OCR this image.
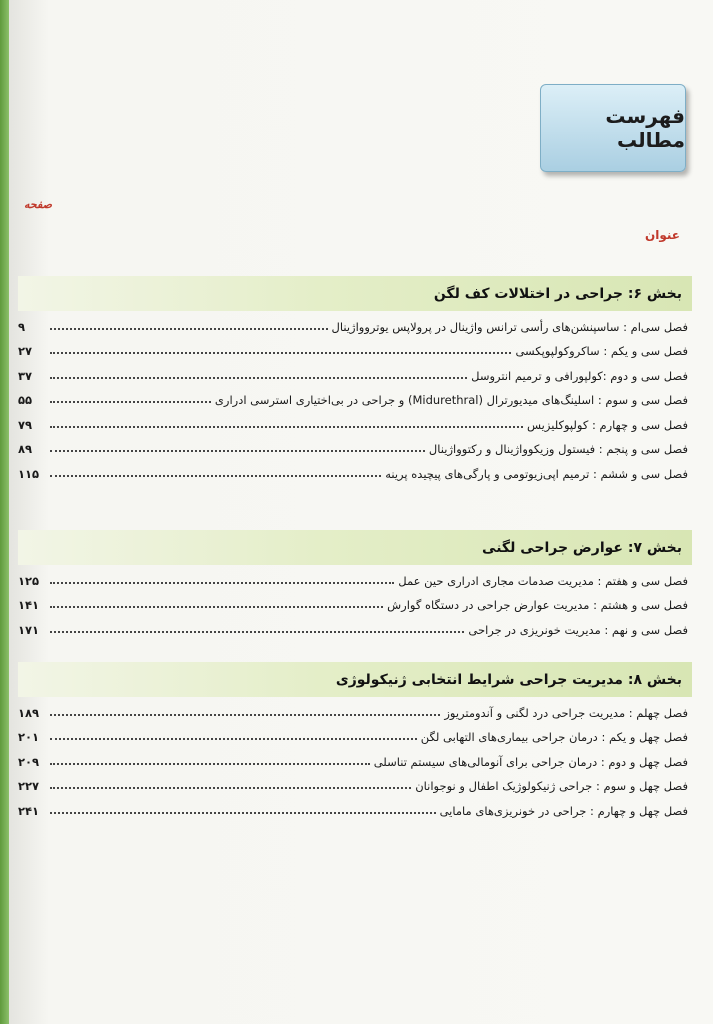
فهرست مطالب
صفحه
عنوان
بخش ۶: جراحی در اختلالات کف لگن
فصل سی‌ام : ساسپنشن‌های رأسی ترانس واژینال در پرولاپس یوترو‌واژینال
۹
فصل سی و یکم : ساکروکولپوپکسی
۲۷
فصل سی و دوم :کولپورافی و ترمیم انتروسل
۳۷
فصل سی و سوم : اسلینگ‌های میدیورترال (Midurethral) و جراحی در بی‌اختیاری استرسی ادراری
۵۵
فصل سی و چهارم : کولپوکلیزیس
۷۹
فصل سی و پنجم : فیستول وزیکوواژینال و رکتوواژینال
۸۹
فصل سی و ششم : ترمیم اپی‌زیوتومی و پارگی‌های پیچیده پرینه
۱۱۵
بخش ۷: عوارض جراحی لگنی
فصل سی و هفتم : مدیریت صدمات مجاری ادراری حین عمل
۱۲۵
فصل سی و هشتم : مدیریت عوارض جراحی در دستگاه گوارش
۱۴۱
فصل سی و نهم : مدیریت خونریزی در جراحی
۱۷۱
بخش ۸: مدیریت جراحی شرایط انتخابی ژنیکولوژی
فصل چهلم : مدیریت جراحی درد لگنی و آندومتریوز
۱۸۹
فصل چهل و یکم : درمان جراحی بیماری‌های التهابی لگن
۲۰۱
فصل چهل و دوم : درمان جراحی برای آنومالی‌های سیستم تناسلی
۲۰۹
فصل چهل و سوم : جراحی ژنیکولوژیک اطفال و نوجوانان
۲۲۷
فصل چهل و چهارم : جراحی در خونریزی‌های مامایی
۲۴۱
